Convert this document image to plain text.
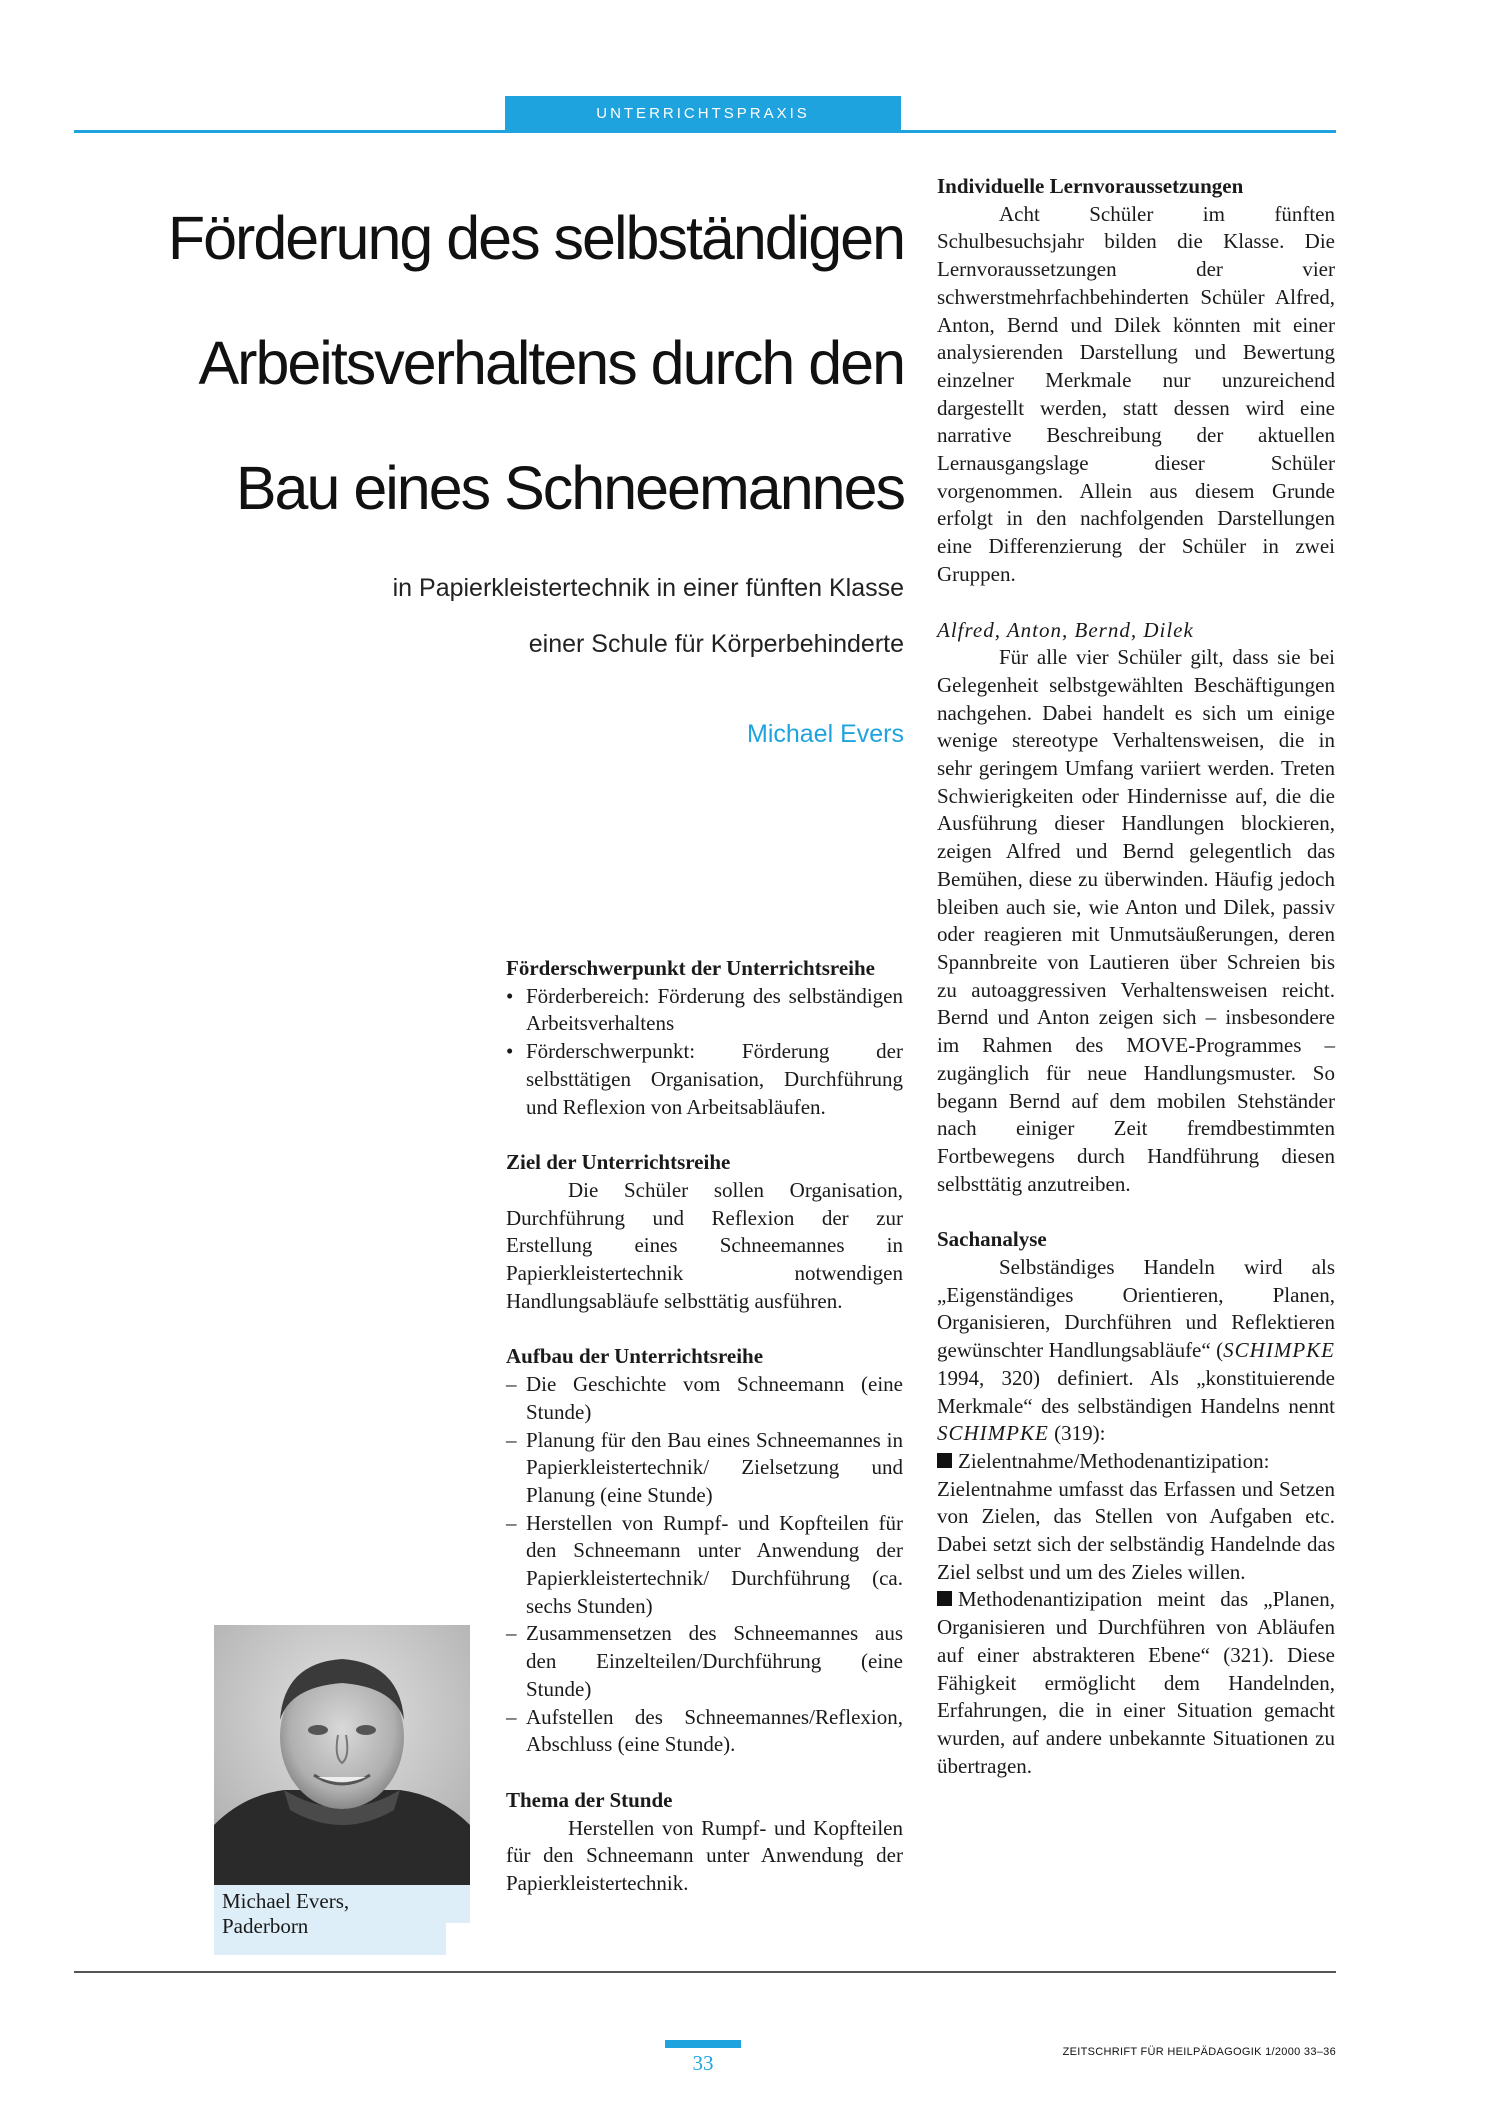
UNTERRICHTSPRAXIS
Förderung des selbständigen
Arbeitsverhaltens durch den
Bau eines Schneemannes
in Papierkleistertechnik in einer fünften Klasse
einer Schule für Körperbehinderte
Michael Evers
Förderschwerpunkt der Unterrichtsreihe
• Förderbereich: Förderung des selbständigen Arbeitsverhaltens
• Förderschwerpunkt: Förderung der selbsttätigen Organisation, Durchführung und Reflexion von Arbeitsabläufen.
Ziel der Unterrichtsreihe

Die Schüler sollen Organisation, Durchführung und Reflexion der zur Erstellung eines Schneemannes in Papierkleistertechnik notwendigen Handlungsabläufe selbsttätig ausführen.

Aufbau der Unterrichtsreihe
– Die Geschichte vom Schneemann (eine Stunde)
– Planung für den Bau eines Schneemannes in Papierkleistertechnik/ Zielsetzung und Planung (eine Stunde)
– Herstellen von Rumpf- und Kopfteilen für den Schneemann unter Anwendung der Papierkleistertechnik/ Durchführung (ca. sechs Stunden)
– Zusammensetzen des Schneemannes aus den Einzelteilen/Durchführung (eine Stunde)
– Aufstellen des Schneemannes/Reflexion, Abschluss (eine Stunde).
Thema der Stunde

Herstellen von Rumpf- und Kopfteilen für den Schneemann unter Anwendung der Papierkleistertechnik.

Individuelle Lernvoraussetzungen

Acht Schüler im fünften Schulbesuchsjahr bilden die Klasse. Die Lernvoraussetzungen der vier schwerstmehrfachbehinderten Schüler Alfred, Anton, Bernd und Dilek könnten mit einer analysierenden Darstellung und Bewertung einzelner Merkmale nur unzureichend dargestellt werden, statt dessen wird eine narrative Beschreibung der aktuellen Lernausgangslage dieser Schüler vorgenommen. Allein aus diesem Grunde erfolgt in den nachfolgenden Darstellungen eine Differenzierung der Schüler in zwei Gruppen.

Alfred, Anton, Bernd, Dilek

Für alle vier Schüler gilt, dass sie bei Gelegenheit selbstgewählten Beschäftigungen nachgehen. Dabei handelt es sich um einige wenige stereotype Verhaltensweisen, die in sehr geringem Umfang variiert werden. Treten Schwierigkeiten oder Hindernisse auf, die die Ausführung dieser Handlungen blockieren, zeigen Alfred und Bernd gelegentlich das Bemühen, diese zu überwinden. Häufig jedoch bleiben auch sie, wie Anton und Dilek, passiv oder reagieren mit Unmutsäußerungen, deren Spannbreite von Lautieren über Schreien bis zu autoaggressiven Verhaltensweisen reicht. Bernd und Anton zeigen sich – insbesondere im Rahmen des MOVE-Programmes – zugänglich für neue Handlungsmuster. So begann Bernd auf dem mobilen Stehständer nach einiger Zeit fremdbestimmten Fortbewegens durch Handführung diesen selbsttätig anzutreiben.

Sachanalyse

Selbständiges Handeln wird als „Eigenständiges Orientieren, Planen, Organisieren, Durchführen und Reflektieren gewünschter Handlungsabläufe“ (SCHIMPKE 1994, 320) definiert. Als „konstituierende Merkmale“ des selbständigen Handelns nennt SCHIMPKE (319):

Zielentnahme/Methodenantizipation: Zielentnahme umfasst das Erfassen und Setzen von Zielen, das Stellen von Aufgaben etc. Dabei setzt sich der selbständig Handelnde das Ziel selbst und um des Zieles willen.

Methodenantizipation meint das „Planen, Organisieren und Durchführen von Abläufen auf einer abstrakteren Ebene“ (321). Diese Fähigkeit ermöglicht dem Handelnden, Erfahrungen, die in einer Situation gemacht wurden, auf andere unbekannte Situationen zu übertragen.

Michael Evers,
Paderborn
33	ZEITSCHRIFT FÜR HEILPÄDAGOGIK 1/2000 33–36
